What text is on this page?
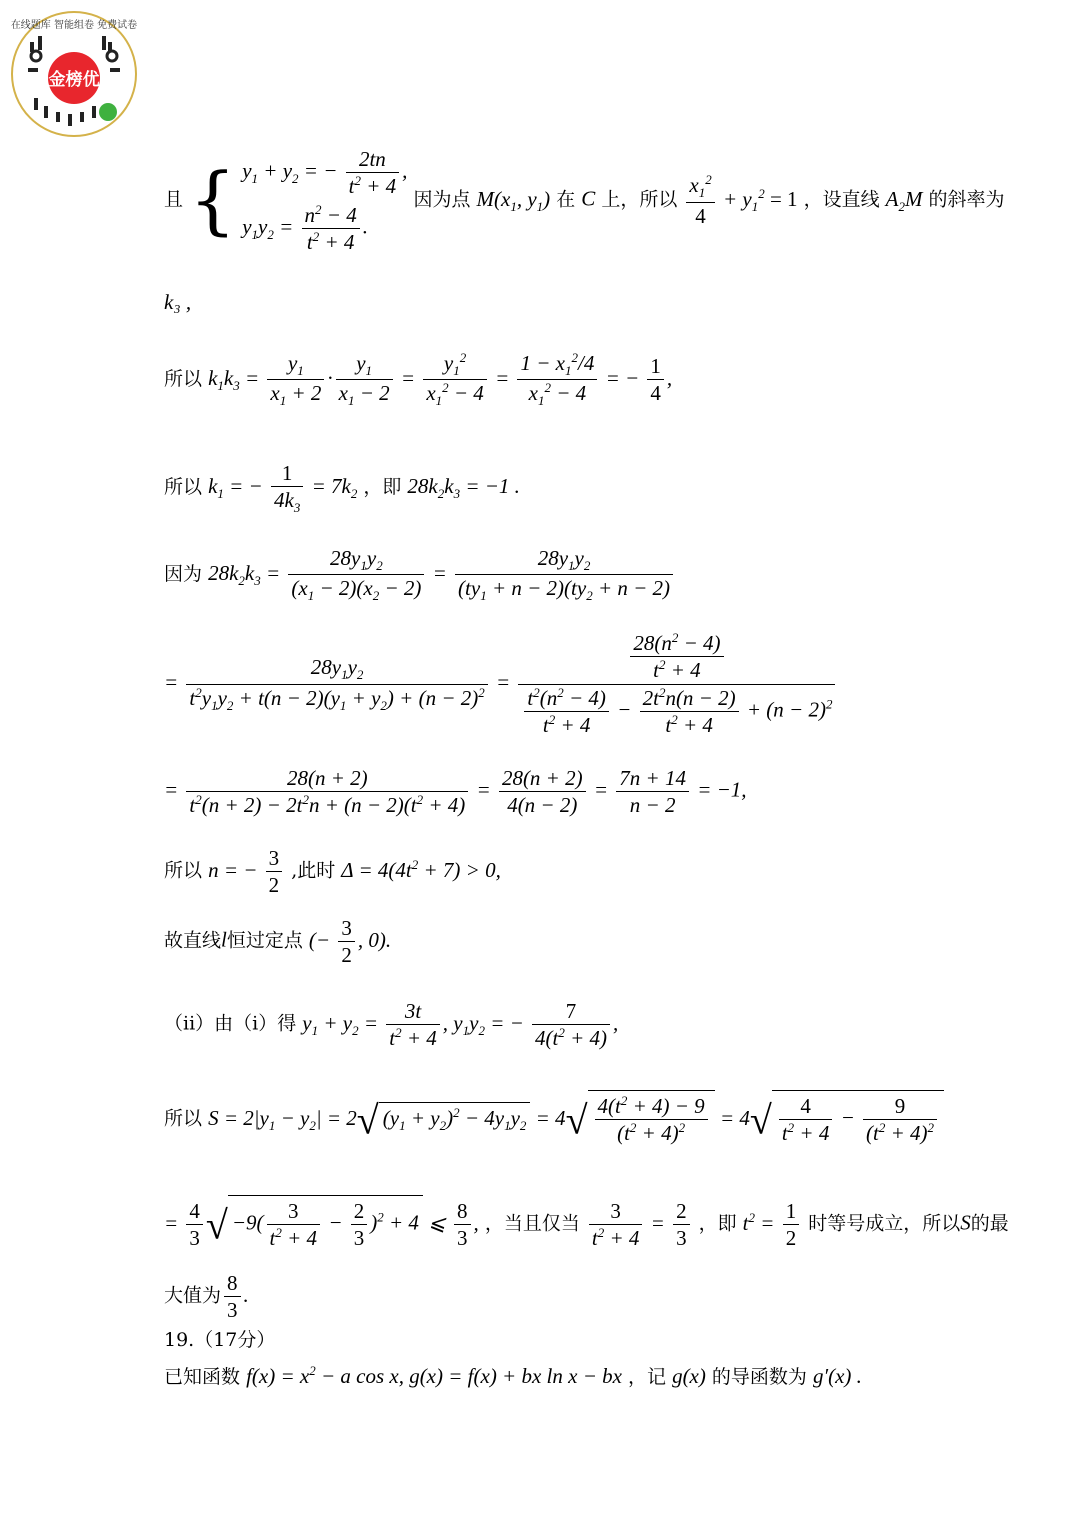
金榜优
在线题库 智能组卷 免费试卷
且 { $y_1 + y_2$ = − $\frac{2tn}{t^2 + 4}$ ,
$y_1y_2 = \frac{n^2 - 4}{t^2 + 4}$ .
因为点 $M(x_1$, $y_1$) 在 C 上，所以 $\frac{x_1^2}{4} + y_1^2 = 1$ ，设直线 $A_2M$ 的斜率为
k₃ ,
所以 $k_1k_3 = \frac{y_1}{x_1 + 2} \cdot \frac{y_1}{x_1 - 2} = \frac{y_1^2}{x_1^2 - 4} = \frac{1 - x_1^2/4}{x_1^2 - 4}$ = − $\frac{1}{4}$ ,
所以 $k_1$ = − $\frac{1}{4k_3} = 7k_2$ ，即 $28k_2k_3 = -1$ .
因为 $28k_2k_3 = \frac{28y_1y_2}{(x_1 - 2)(x_2 - 2)} = \frac{28y_1y_2}{(ty_1 + n - 2)(ty_2 + n - 2)}$
= $\frac{28y_1y_2}{t^2y_1y_2 + t(n - 2)(y_1 + y_2) + (n - 2)^2} = \frac{\frac{28(n^2 - 4)}{t^2 + 4}}{\frac{t^2(n^2 - 4)}{t^2 + 4} - \frac{2t^2n(n - 2)}{t^2 + 4} + (n - 2)^2}$
= $\frac{28(n + 2)}{t^2(n + 2) - 2t^2n + (n - 2)(t^2 + 4)} = \frac{28(n + 2)}{4(n - 2)} = \frac{7n + 14}{n - 2} = -1$,
所以 n = − $\frac{3}{2}$ ,此时 $\Delta = 4(4t^2 + 7) > 0$,
故直线l恒过定点 (− $\frac{3}{2}$ , 0).
（ii）由（i）得 $y_1 + y_2 = \frac{3t}{t^2 + 4}$ , $y_1y_2$ = − $\frac{7}{4(t^2 + 4)}$ ,
所以 $S = 2|y_1 - y_2| = 2√$ $(y_1 + y_2)^2 - 4y_1y_2 = 4√ \frac{4(t^2 + 4) - 9}{(t^2 + 4)^2} = 4√ \frac{4}{t^2 + 4} - \frac{9}{(t^2 + 4)^2}$
= $\frac{4}{3}$ √ $-9( \frac{3}{t^2 + 4} - \frac{2}{3} )^2 + 4$ ⩽ $\frac{8}{3}$ , ，当且仅当 $\frac{3}{t^2 + 4} = \frac{2}{3}$ ，即 $t^2 = \frac{1}{2}$ 时等号成立，所以S的最
大值为 $\frac{8}{3}$ .
19.（17分）
已知函数 $f(x) = x^2 - a$ cos x, g(x) = f(x) + bx ln x − bx ，记 g(x) 的导函数为 g′(x) .
